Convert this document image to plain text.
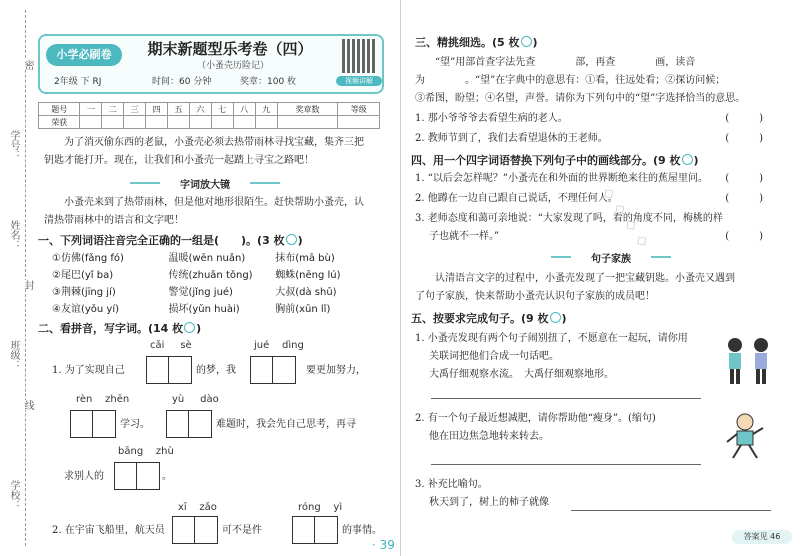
学校：
班级：
姓名：
学号：
线
封
密
小学必刷卷	期末新题型乐考卷（四）
（小蚤壳历险记）
2年级 下 RJ	时间：60 分钟	奖章：100 枚	视频讲解
题号	一	二	三	四	五	六	七	八	九	奖章数	等级
荣获											
为了消灭偷东西的老鼠，小蚤壳必须去热带雨林寻找宝藏，集齐三把
钥匙才能打开。现在，让我们和小蚤壳一起踏上寻宝之路吧！
字词放大镜
小蚤壳来到了热带雨林，但是他对地形很陌生。赶快帮助小蚤壳，认
清热带雨林中的语言和文字吧！
一、下列词语注音完全正确的一组是(　　)。(3 枚 )
①仿佛(fǎng fó)	温暖(wēn nuǎn)	抹布(mā bù)
②尾巴(yǐ ba)	传统(zhuǎn tǒng)	蜘蛛(nēng lú)
③荆棘(jīng jí)	警觉(jǐng jué)	大叔(dà shū)
④友谊(yǒu yí)	损坏(yǔn huài)	胸前(xūn lǐ)
二、看拼音，写字词。(14 枚 )
cǎi sè	jué dìng
1. 为了实现自己	的梦，我	要更加努力，
rèn zhēn	yù dào
学习。	难题时，我会先自己思考，再寻
bāng zhù
求别人的	。
xī zǎo	róng yì
2. 在宇宙飞船里，航天员	可不是件	的事情。
· 39
三、精挑细选。(5 枚 )
“望”用部首查字法先查　　　　部，再查　　　　画，读音
为　　　　。“望”在字典中的意思有：①看，往远处看；②探访问候；
③希图，盼望；④名望，声誉。请你为下列句中的“望”字选择恰当的意思。
1. 那小爷爷爷去看望生病的老人。	(　　　)
2. 教师节到了，我们去看望退休的王老师。	(　　　)
四、用一个四字词语替换下列句子中的画线部分。(9 枚 )
1. “以后会怎样呢？”小蚤壳在和外面的世界断绝来往的蕉屋里问。 (　　　)
2. 他蹲在一边自己跟自己说话，不理任何人。	(　　　)
3. 老师态度和蔼可亲地说：“大家发现了吗，看的角度不同，梅桃的样
子也就不一样。”	(　　　)
◇ ◇ ◇ ◇
句子家族
认清语言文字的过程中，小蚤壳发现了一把宝藏钥匙。小蚤壳又遇到
了句子家族，快来帮助小蚤壳认识句子家族的成员吧！
五、按要求完成句子。(9 枚 )
1. 小蚤壳发现有两个句子闹别扭了，不愿意在一起玩，请你用
关联词把他们合成一句话吧。
大禹仔细观察水流。　大禹仔细观察地形。
2. 有一个句子最近想减肥，请你帮助他“瘦身”。(缩句)
他在田边焦急地转来转去。
3. 补充比喻句。
秋天到了，树上的柿子就像
答案见 46
